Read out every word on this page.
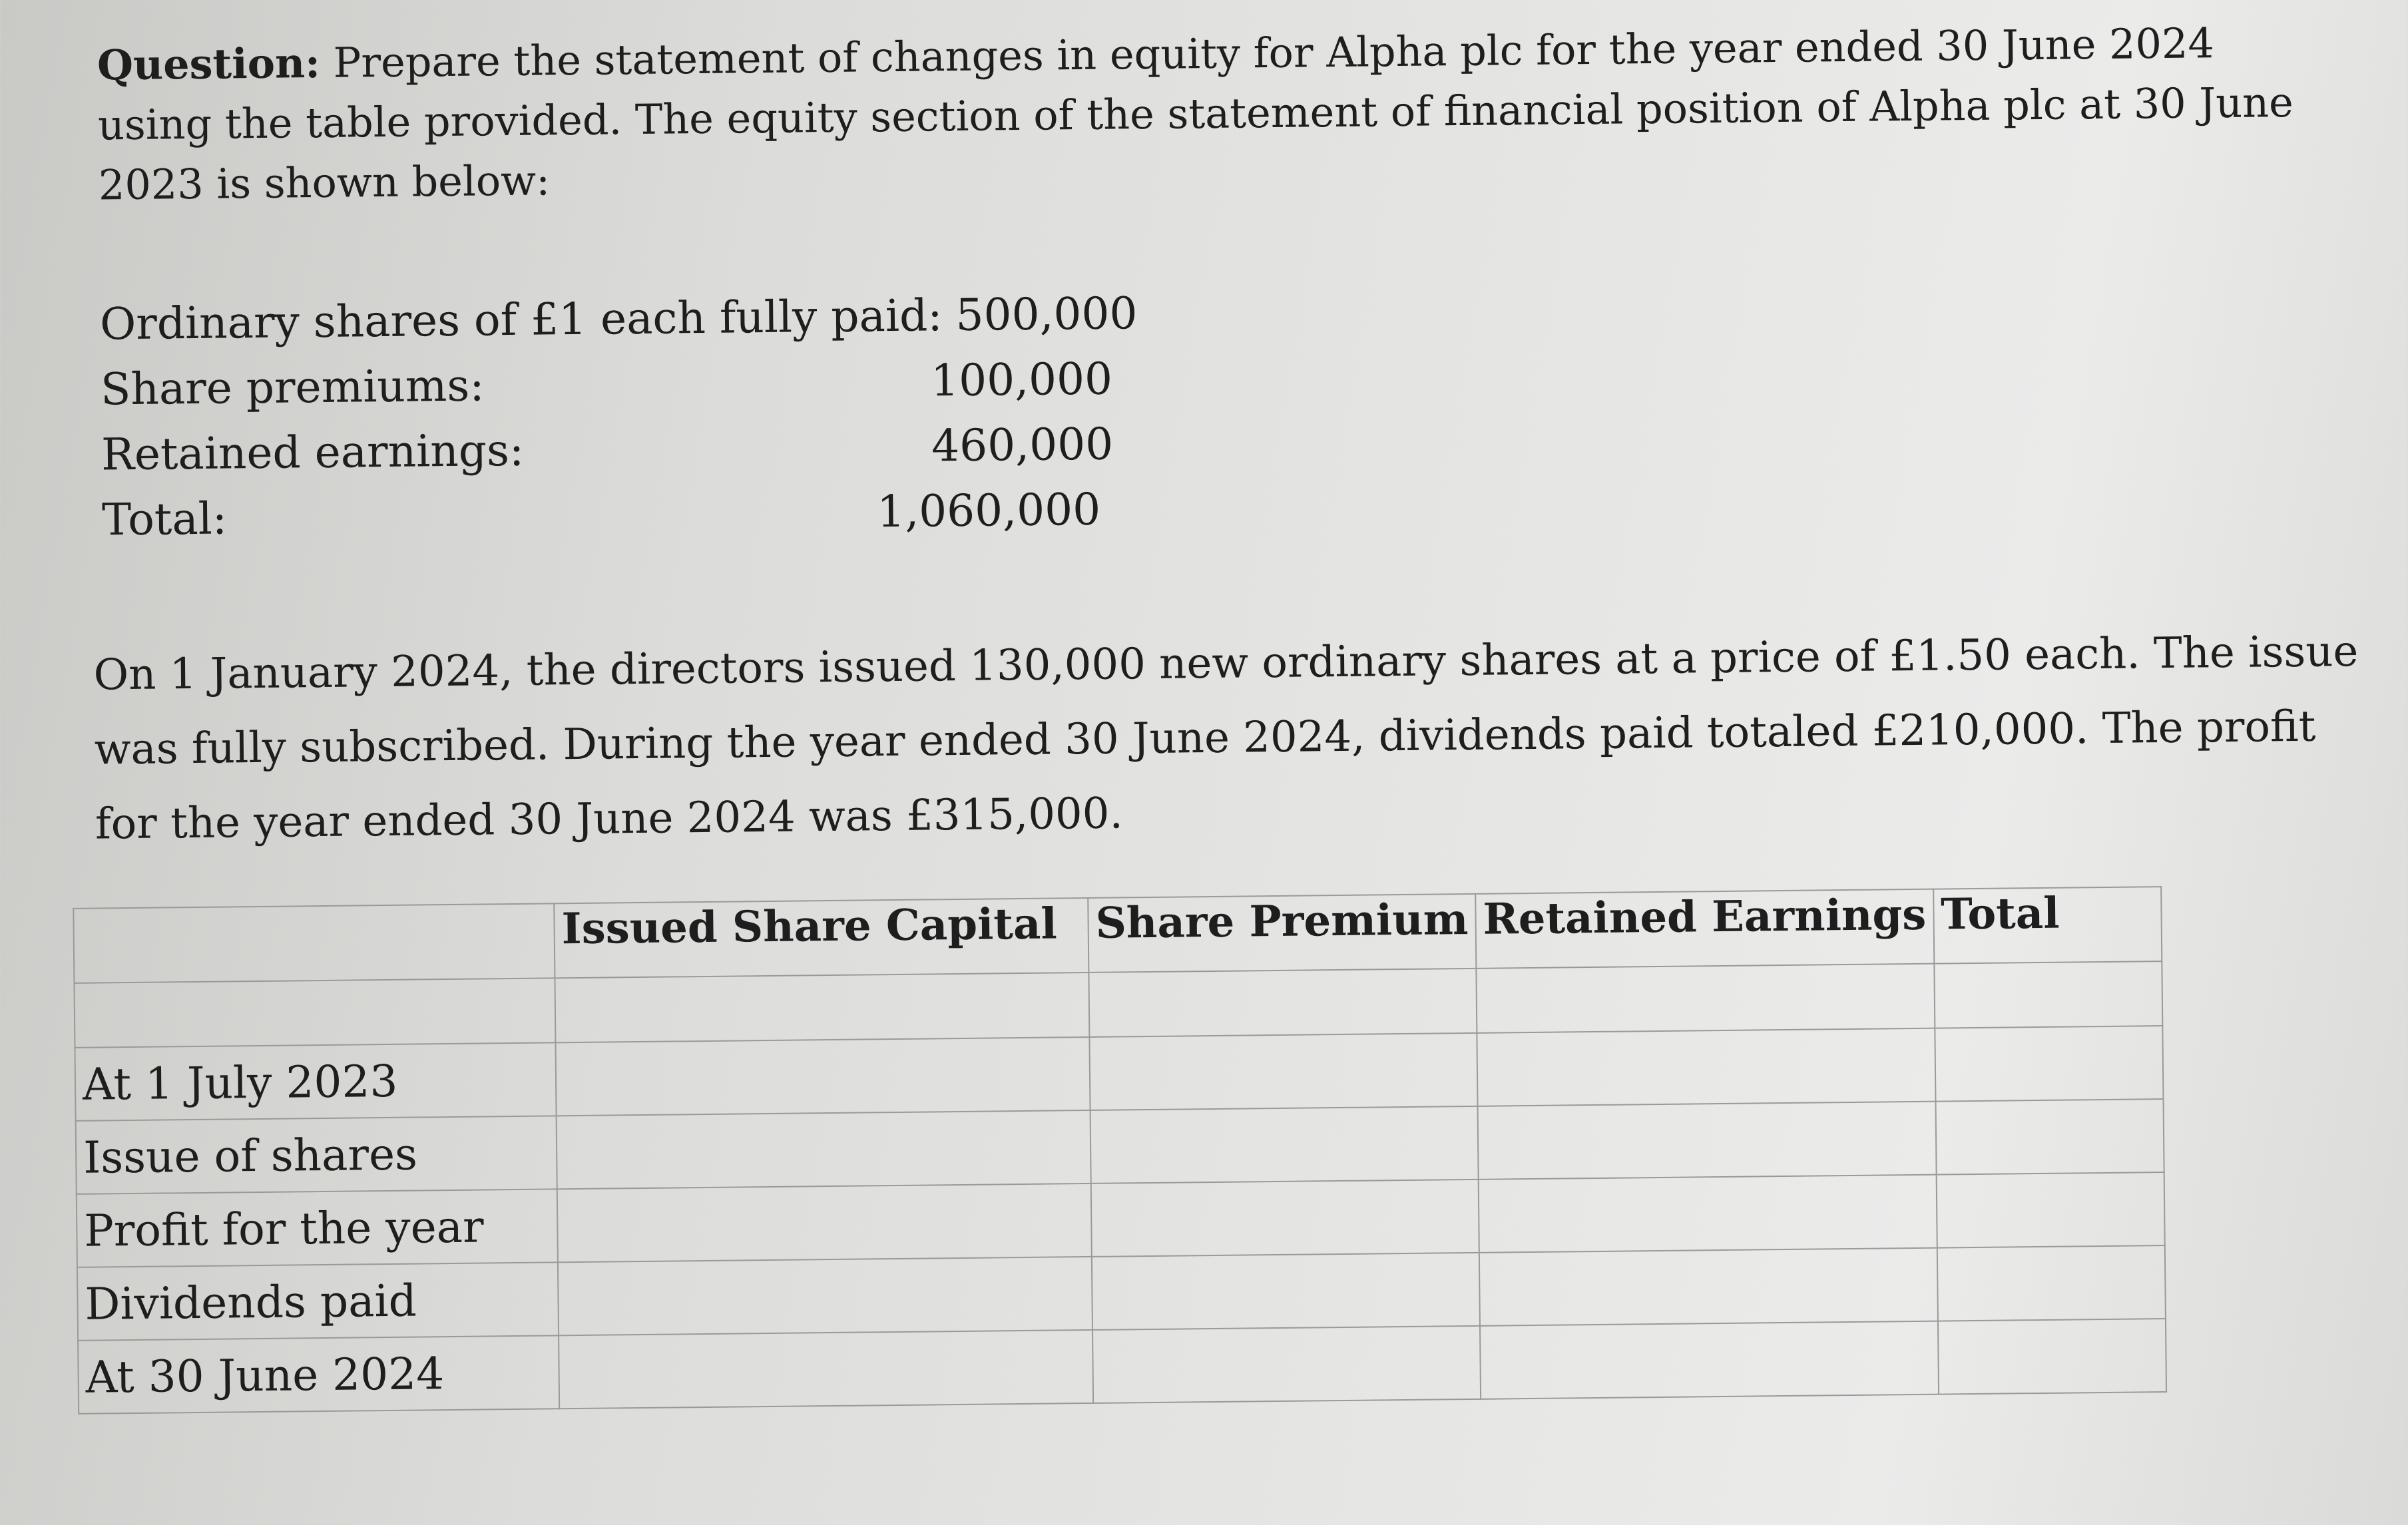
Question: Prepare the statement of changes in equity for Alpha plc for the year ended 30 June 2024 using the table provided. The equity section of the statement of financial position of Alpha plc at 30 June 2023 is shown below:
Ordinary shares of £1 each fully paid: 500,000
Share premiums:	100,000
Retained earnings:	460,000
Total:	1,060,000
On 1 January 2024, the directors issued 130,000 new ordinary shares at a price of £1.50 each. The issue was fully subscribed. During the year ended 30 June 2024, dividends paid totaled £210,000. The profit for the year ended 30 June 2024 was £315,000.
	Issued Share Capital	Share Premium	Retained Earnings	Total

At 1 July 2023				
Issue of shares				
Profit for the year				
Dividends paid				
At 30 June 2024				
